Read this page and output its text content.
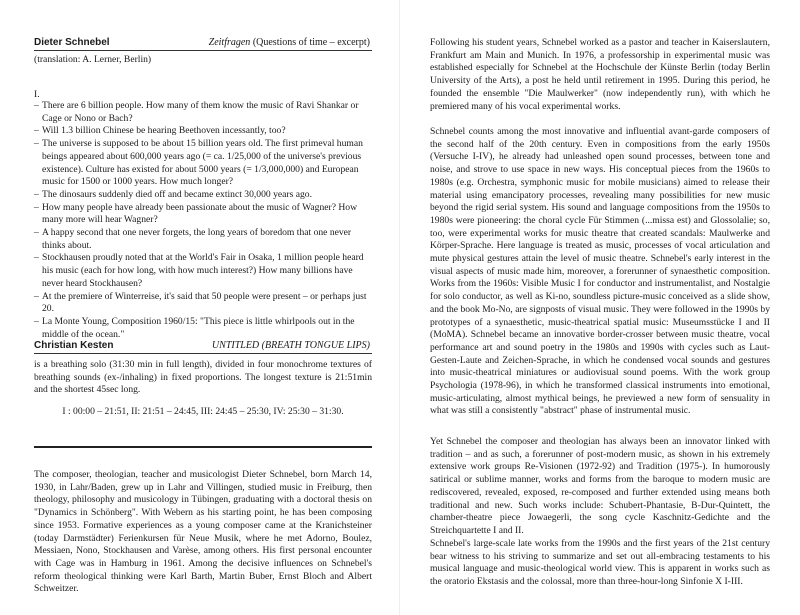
Dieter Schnebel	Zeitfragen (Questions of time – excerpt)
(translation: A. Lerner, Berlin)
I.
– There are 6 billion people. How many of them know the music of Ravi Shankar or Cage or Nono or Bach?
– Will 1.3 billion Chinese be hearing Beethoven incessantly, too?
– The universe is supposed to be about 15 billion years old. The first primeval human beings appeared about 600,000 years ago (= ca. 1/25,000 of the universe's previous existence). Culture has existed for about 5000 years (= 1/3,000,000) and European music for 1500 or 1000 years. How much longer?
– The dinosaurs suddenly died off and became extinct 30,000 years ago.
– How many people have already been passionate about the music of Wagner? How many more will hear Wagner?
– A happy second that one never forgets, the long years of boredom that one never thinks about.
– Stockhausen proudly noted that at the World's Fair in Osaka, 1 million people heard his music (each for how long, with how much interest?) How many billions have never heard Stockhausen?
– At the premiere of Winterreise, it's said that 50 people were present – or perhaps just 20.
– La Monte Young, Composition 1960/15: "This piece is little whirlpools out in the middle of the ocean."
Christian Kesten	UNTITLED (BREATH TONGUE LIPS)

is a breathing solo (31:30 min in full length), divided in four monochrome textures of breathing sounds (ex-/inhaling) in fixed proportions. The longest texture is 21:51min and the shortest 45sec long.

I : 00:00 – 21:51, II: 21:51 – 24:45, III: 24:45 – 25:30, IV: 25:30 – 31:30.

The composer, theologian, teacher and musicologist Dieter Schnebel, born March 14, 1930, in Lahr/Baden, grew up in Lahr and Villingen, studied music in Freiburg, then theology, philosophy and musicology in Tübingen, graduating with a doctoral thesis on "Dynamics in Schönberg". With Webern as his starting point, he has been composing since 1953. Formative experiences as a young composer came at the Kranichsteiner (today Darmstädter) Ferienkursen für Neue Musik, where he met Adorno, Boulez, Messiaen, Nono, Stockhausen and Varèse, among others. His first personal encounter with Cage was in Hamburg in 1961. Among the decisive influences on Schnebel's reform theological thinking were Karl Barth, Martin Buber, Ernst Bloch and Albert Schweitzer.

Following his student years, Schnebel worked as a pastor and teacher in Kaiserslautern, Frankfurt am Main and Munich. In 1976, a professorship in experimental music was established especially for Schnebel at the Hochschule der Künste Berlin (today Berlin University of the Arts), a post he held until retirement in 1995. During this period, he founded the ensemble "Die Maulwerker" (now independently run), with which he premiered many of his vocal experimental works.

Schnebel counts among the most innovative and influential avant-garde composers of the second half of the 20th century. Even in compositions from the early 1950s (Versuche I-IV), he already had unleashed open sound processes, between tone and noise, and strove to use space in new ways. His conceptual pieces from the 1960s to 1980s (e.g. Orchestra, symphonic music for mobile musicians) aimed to release their material using emancipatory processes, revealing many possibilities for new music beyond the rigid serial system. His sound and language compositions from the 1950s to 1980s were pioneering: the choral cycle Für Stimmen (...missa est) and Glossolalie; so, too, were experimental works for music theatre that created scandals: Maulwerke and Körper-Sprache. Here language is treated as music, processes of vocal articulation and mute physical gestures attain the level of music theatre. Schnebel's early interest in the visual aspects of music made him, moreover, a forerunner of synaesthetic composition. Works from the 1960s: Visible Music I for conductor and instrumentalist, and Nostalgie for solo conductor, as well as Ki-no, soundless picture-music conceived as a slide show, and the book Mo-No, are signposts of visual music. They were followed in the 1990s by prototypes of a synaesthetic, music-theatrical spatial music: Museumsstücke I and II (MoMA). Schnebel became an innovative border-crosser between music theatre, vocal performance art and sound poetry in the 1980s and 1990s with cycles such as Laut-Gesten-Laute and Zeichen-Sprache, in which he condensed vocal sounds and gestures into music-theatrical miniatures or audiovisual sound poems. With the work group Psychologia (1978-96), in which he transformed classical instruments into emotional, music-articulating, almost mythical beings, he previewed a new form of sensuality in what was still a consistently "abstract" phase of instrumental music.

Yet Schnebel the composer and theologian has always been an innovator linked with tradition – and as such, a forerunner of post-modern music, as shown in his extremely extensive work groups Re-Visionen (1972-92) and Tradition (1975-). In humorously satirical or sublime manner, works and forms from the baroque to modern music are rediscovered, revealed, exposed, re-composed and further extended using means both traditional and new. Such works include: Schubert-Phantasie, B-Dur-Quintett, the chamber-theatre piece Jowaegerli, the song cycle Kaschnitz-Gedichte and the Streichquartette I and II.

Schnebel's large-scale late works from the 1990s and the first years of the 21st century bear witness to his striving to summarize and set out all-embracing testaments to his musical language and music-theological world view. This is apparent in works such as the oratorio Ekstasis and the colossal, more than three-hour-long Sinfonie X I-III.
